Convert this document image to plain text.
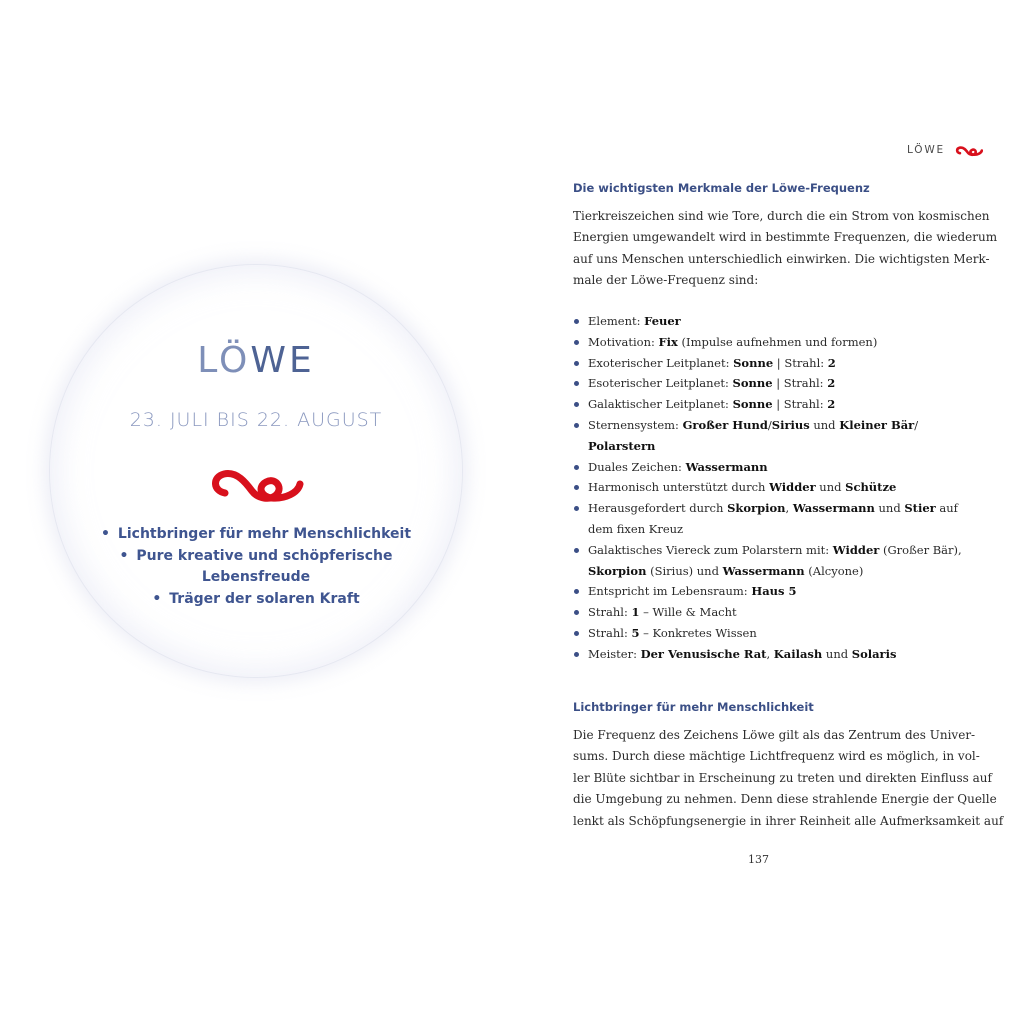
LÖWE
23. JULI BIS 22. AUGUST
• Lichtbringer für mehr Menschlichkeit
• Pure kreative und schöpferische
Lebensfreude
• Träger der solaren Kraft
LÖWE
Die wichtigsten Merkmale der Löwe-Frequenz

Tierkreiszeichen sind wie Tore, durch die ein Strom von kosmischen
Energien umgewandelt wird in bestimmte Frequenzen, die wiederum
auf uns Menschen unterschiedlich einwirken. Die wichtigsten Merk-
male der Löwe-Frequenz sind:

Element: Feuer
Motivation: Fix (Impulse aufnehmen und formen)
Exoterischer Leitplanet: Sonne | Strahl: 2
Esoterischer Leitplanet: Sonne | Strahl: 2
Galaktischer Leitplanet: Sonne | Strahl: 2
Sternensystem: Großer Hund/Sirius und Kleiner Bär/
Polarstern
Duales Zeichen: Wassermann
Harmonisch unterstützt durch Widder und Schütze
Herausgefordert durch Skorpion, Wassermann und Stier auf
dem fixen Kreuz
Galaktisches Viereck zum Polarstern mit: Widder (Großer Bär),
Skorpion (Sirius) und Wassermann (Alcyone)
Entspricht im Lebensraum: Haus 5
Strahl: 1 – Wille & Macht
Strahl: 5 – Konkretes Wissen
Meister: Der Venusische Rat, Kailash und Solaris
Lichtbringer für mehr Menschlichkeit

Die Frequenz des Zeichens Löwe gilt als das Zentrum des Univer-
sums. Durch diese mächtige Lichtfrequenz wird es möglich, in vol-
ler Blüte sichtbar in Erscheinung zu treten und direkten Einfluss auf
die Umgebung zu nehmen. Denn diese strahlende Energie der Quelle
lenkt als Schöpfungsenergie in ihrer Reinheit alle Aufmerksamkeit auf

137
